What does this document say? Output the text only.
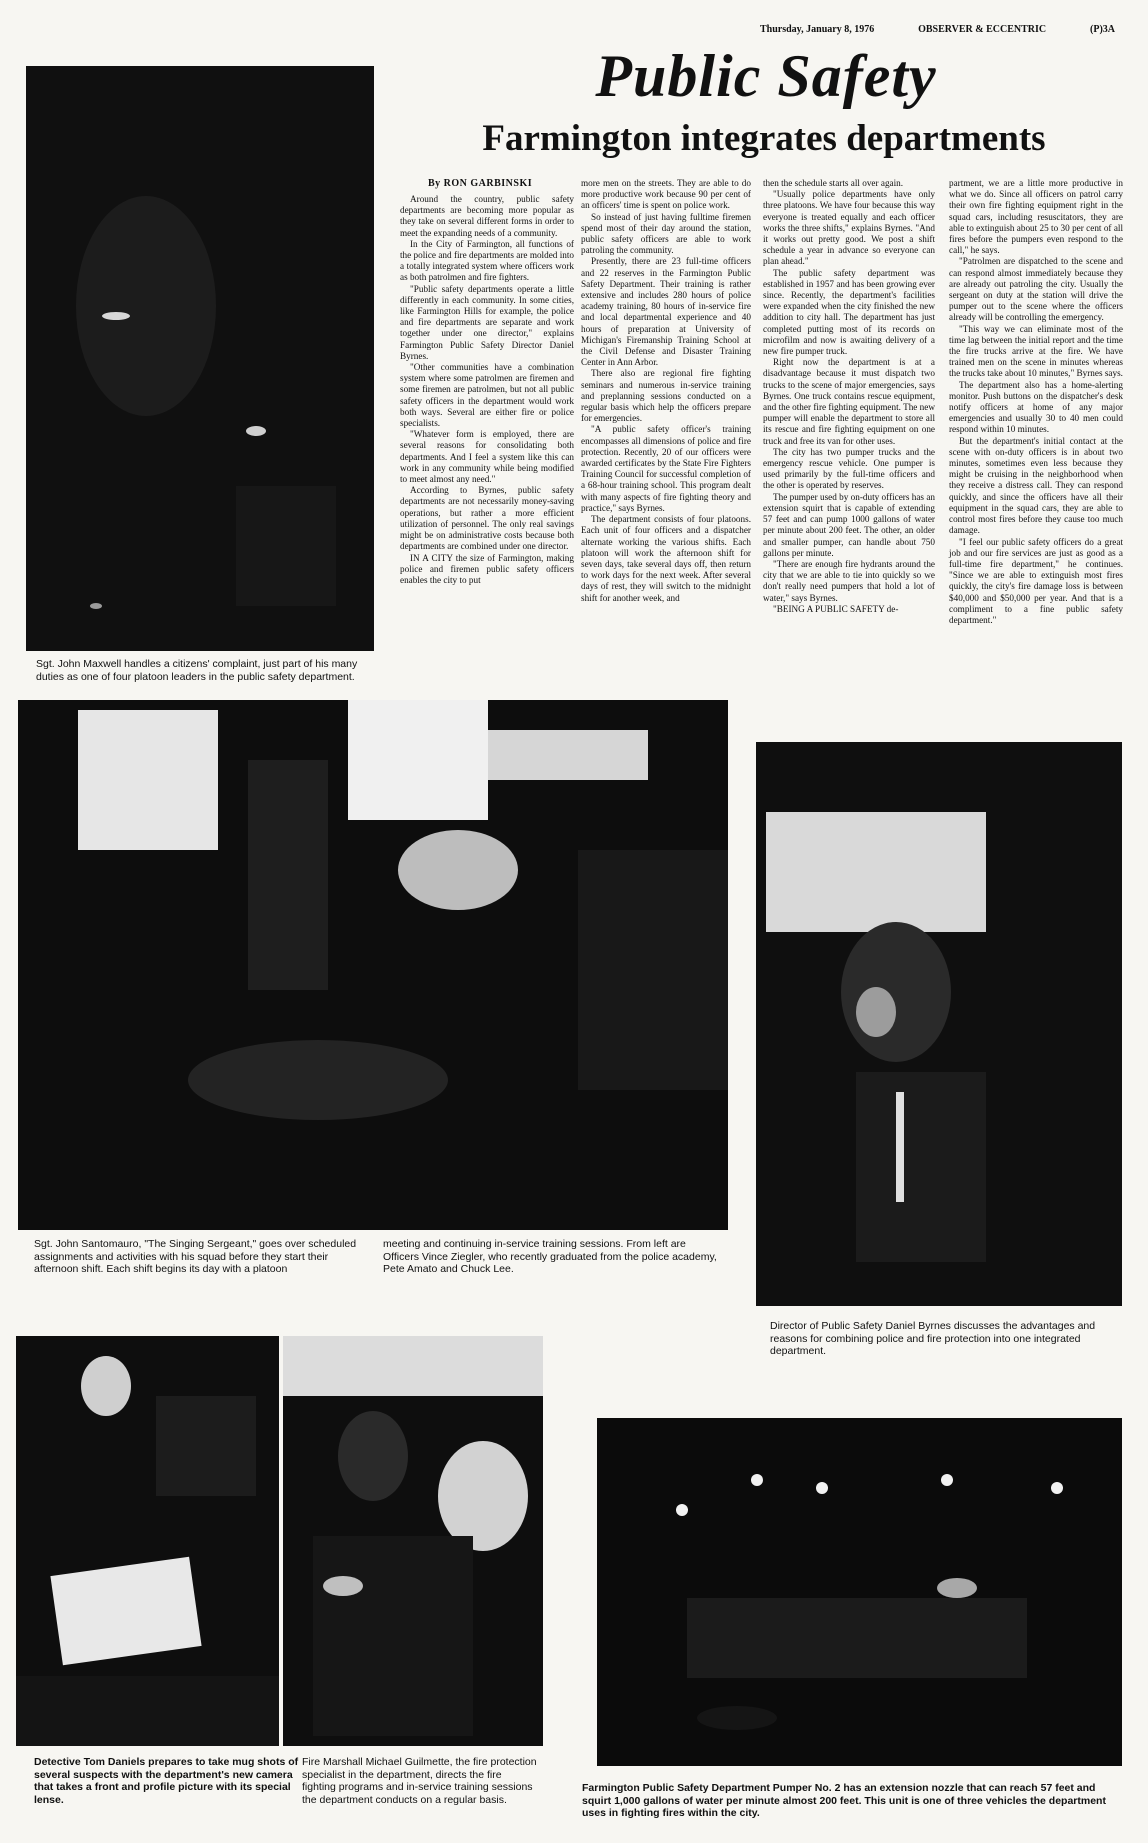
Thursday, January 8, 1976	OBSERVER & ECCENTRIC	(P)3A
Public Safety
Farmington integrates departments
Sgt. John Maxwell handles a citizens' complaint, just part of his many duties as one of four platoon leaders in the public safety department.
By RON GARBINSKI

Around the country, public safety departments are becoming more popular as they take on several different forms in order to meet the expanding needs of a community.

In the City of Farmington, all functions of the police and fire departments are molded into a totally integrated system where officers work as both patrolmen and fire fighters.

"Public safety departments operate a little differently in each community. In some cities, like Farmington Hills for example, the police and fire departments are separate and work together under one director," explains Farmington Public Safety Director Daniel Byrnes.

"Other communities have a combination system where some patrolmen are firemen and some firemen are patrolmen, but not all public safety officers in the department would work both ways. Several are either fire or police specialists.

"Whatever form is employed, there are several reasons for consolidating both departments. And I feel a system like this can work in any community while being modified to meet almost any need."

According to Byrnes, public safety departments are not necessarily money-saving operations, but rather a more efficient utilization of personnel. The only real savings might be on administrative costs because both departments are combined under one director.

IN A CITY the size of Farmington, making police and firemen public safety officers enables the city to put

more men on the streets. They are able to do more productive work because 90 per cent of an officers' time is spent on police work.

So instead of just having fulltime firemen spend most of their day around the station, public safety officers are able to work patroling the community.

Presently, there are 23 full-time officers and 22 reserves in the Farmington Public Safety Department. Their training is rather extensive and includes 280 hours of police academy training, 80 hours of in-service fire and local departmental experience and 40 hours of preparation at University of Michigan's Firemanship Training School at the Civil Defense and Disaster Training Center in Ann Arbor.

There also are regional fire fighting seminars and numerous in-service training and preplanning sessions conducted on a regular basis which help the officers prepare for emergencies.

"A public safety officer's training encompasses all dimensions of police and fire protection. Recently, 20 of our officers were awarded certificates by the State Fire Fighters Training Council for successful completion of a 68-hour training school. This program dealt with many aspects of fire fighting theory and practice," says Byrnes.

The department consists of four platoons. Each unit of four officers and a dispatcher alternate working the various shifts. Each platoon will work the afternoon shift for seven days, take several days off, then return to work days for the next week. After several days of rest, they will switch to the midnight shift for another week, and

then the schedule starts all over again.

"Usually police departments have only three platoons. We have four because this way everyone is treated equally and each officer works the three shifts," explains Byrnes. "And it works out pretty good. We post a shift schedule a year in advance so everyone can plan ahead."

The public safety department was established in 1957 and has been growing ever since. Recently, the department's facilities were expanded when the city finished the new addition to city hall. The department has just completed putting most of its records on microfilm and now is awaiting delivery of a new fire pumper truck.

Right now the department is at a disadvantage because it must dispatch two trucks to the scene of major emergencies, says Byrnes. One truck contains rescue equipment, and the other fire fighting equipment. The new pumper will enable the department to store all its rescue and fire fighting equipment on one truck and free its van for other uses.

The city has two pumper trucks and the emergency rescue vehicle. One pumper is used primarily by the full-time officers and the other is operated by reserves.

The pumper used by on-duty officers has an extension squirt that is capable of extending 57 feet and can pump 1000 gallons of water per minute about 200 feet. The other, an older and smaller pumper, can handle about 750 gallons per minute.

"There are enough fire hydrants around the city that we are able to tie into quickly so we don't really need pumpers that hold a lot of water," says Byrnes.

"BEING A PUBLIC SAFETY de-

partment, we are a little more productive in what we do. Since all officers on patrol carry their own fire fighting equipment right in the squad cars, including resuscitators, they are able to extinguish about 25 to 30 per cent of all fires before the pumpers even respond to the call," he says.

"Patrolmen are dispatched to the scene and can respond almost immediately because they are already out patroling the city. Usually the sergeant on duty at the station will drive the pumper out to the scene where the officers already will be controlling the emergency.

"This way we can eliminate most of the time lag between the initial report and the time the fire trucks arrive at the fire. We have trained men on the scene in minutes whereas the trucks take about 10 minutes," Byrnes says.

The department also has a home-alerting monitor. Push buttons on the dispatcher's desk notify officers at home of any major emergencies and usually 30 to 40 men could respond within 10 minutes.

But the department's initial contact at the scene with on-duty officers is in about two minutes, sometimes even less because they might be cruising in the neighborhood when they receive a distress call. They can respond quickly, and since the officers have all their equipment in the squad cars, they are able to control most fires before they cause too much damage.

"I feel our public safety officers do a great job and our fire services are just as good as a full-time fire department," he continues. "Since we are able to extinguish most fires quickly, the city's fire damage loss is between $40,000 and $50,000 per year. And that is a compliment to a fine public safety department."

Sgt. John Santomauro, "The Singing Sergeant," goes over scheduled assignments and activities with his squad before they start their afternoon shift. Each shift begins its day with a platoon
meeting and continuing in-service training sessions. From left are Officers Vince Ziegler, who recently graduated from the police academy, Pete Amato and Chuck Lee.
Director of Public Safety Daniel Byrnes discusses the advantages and reasons for combining police and fire protection into one integrated department.
Detective Tom Daniels prepares to take mug shots of several suspects with the department's new camera that takes a front and profile picture with its special lense.
Fire Marshall Michael Guilmette, the fire protection specialist in the department, directs the fire fighting programs and in-service training sessions the department conducts on a regular basis.
Farmington Public Safety Department Pumper No. 2 has an extension nozzle that can reach 57 feet and squirt 1,000 gallons of water per minute almost 200 feet. This unit is one of three vehicles the department uses in fighting fires within the city.
